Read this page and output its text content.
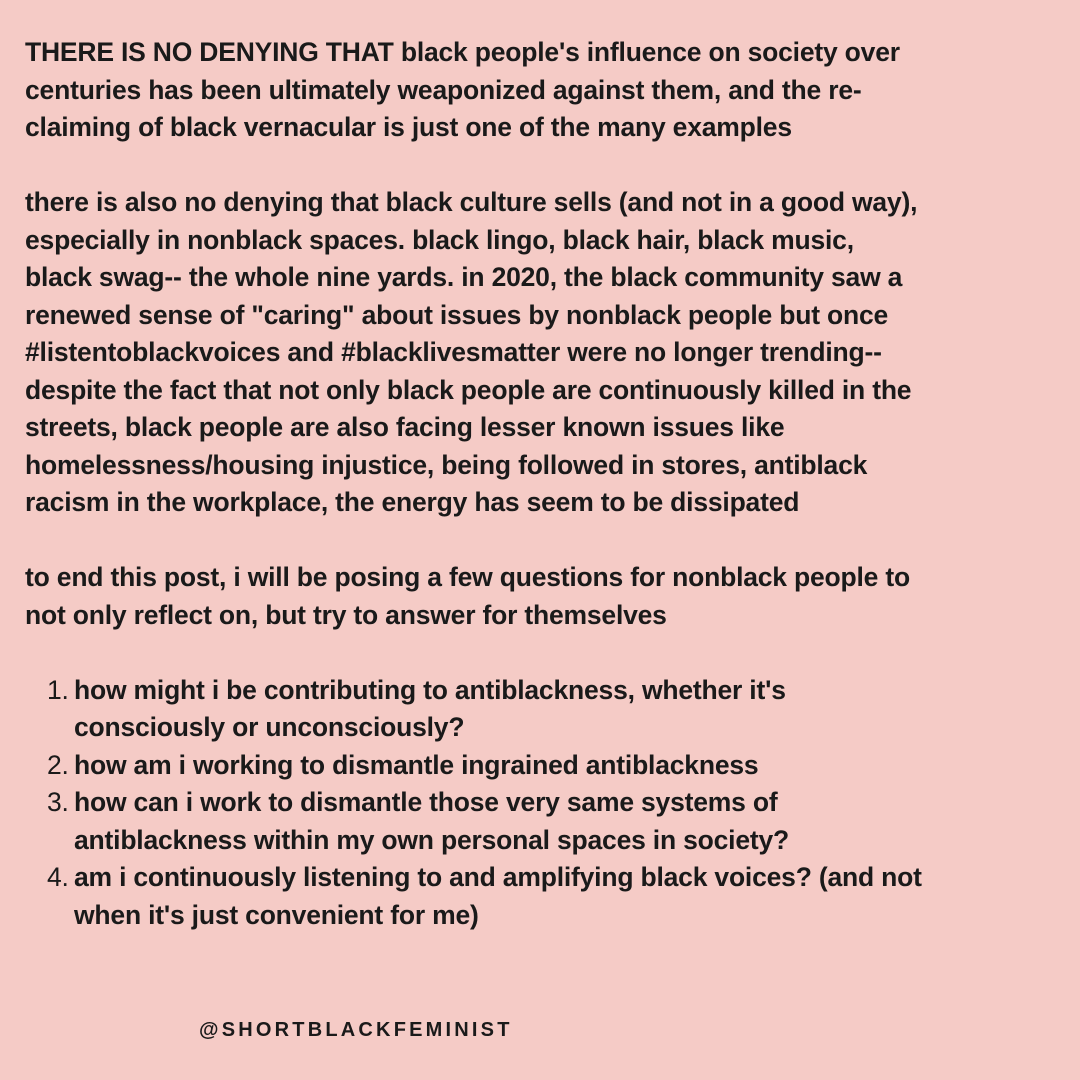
THERE IS NO DENYING THAT black people's influence on society over
centuries has been ultimately weaponized against them, and the re-
claiming of black vernacular is just one of the many examples

there is also no denying that black culture sells (and not in a good way),
especially in nonblack spaces. black lingo, black hair, black music,
black swag-- the whole nine yards. in 2020, the black community saw a
renewed sense of "caring" about issues by nonblack people but once
#listentoblackvoices and #blacklivesmatter were no longer trending--
despite the fact that not only black people are continuously killed in the
streets, black people are also facing lesser known issues like
homelessness/housing injustice, being followed in stores, antiblack
racism in the workplace, the energy has seem to be dissipated

to end this post, i will be posing a few questions for nonblack people to
not only reflect on, but try to answer for themselves

1. how might i be contributing to antiblackness, whether it's
consciously or unconsciously?
2. how am i working to dismantle ingrained antiblackness
3. how can i work to dismantle those very same systems of
antiblackness within my own personal spaces in society?
4. am i continuously listening to and amplifying black voices? (and not
when it's just convenient for me)
@SHORTBLACKFEMINIST
